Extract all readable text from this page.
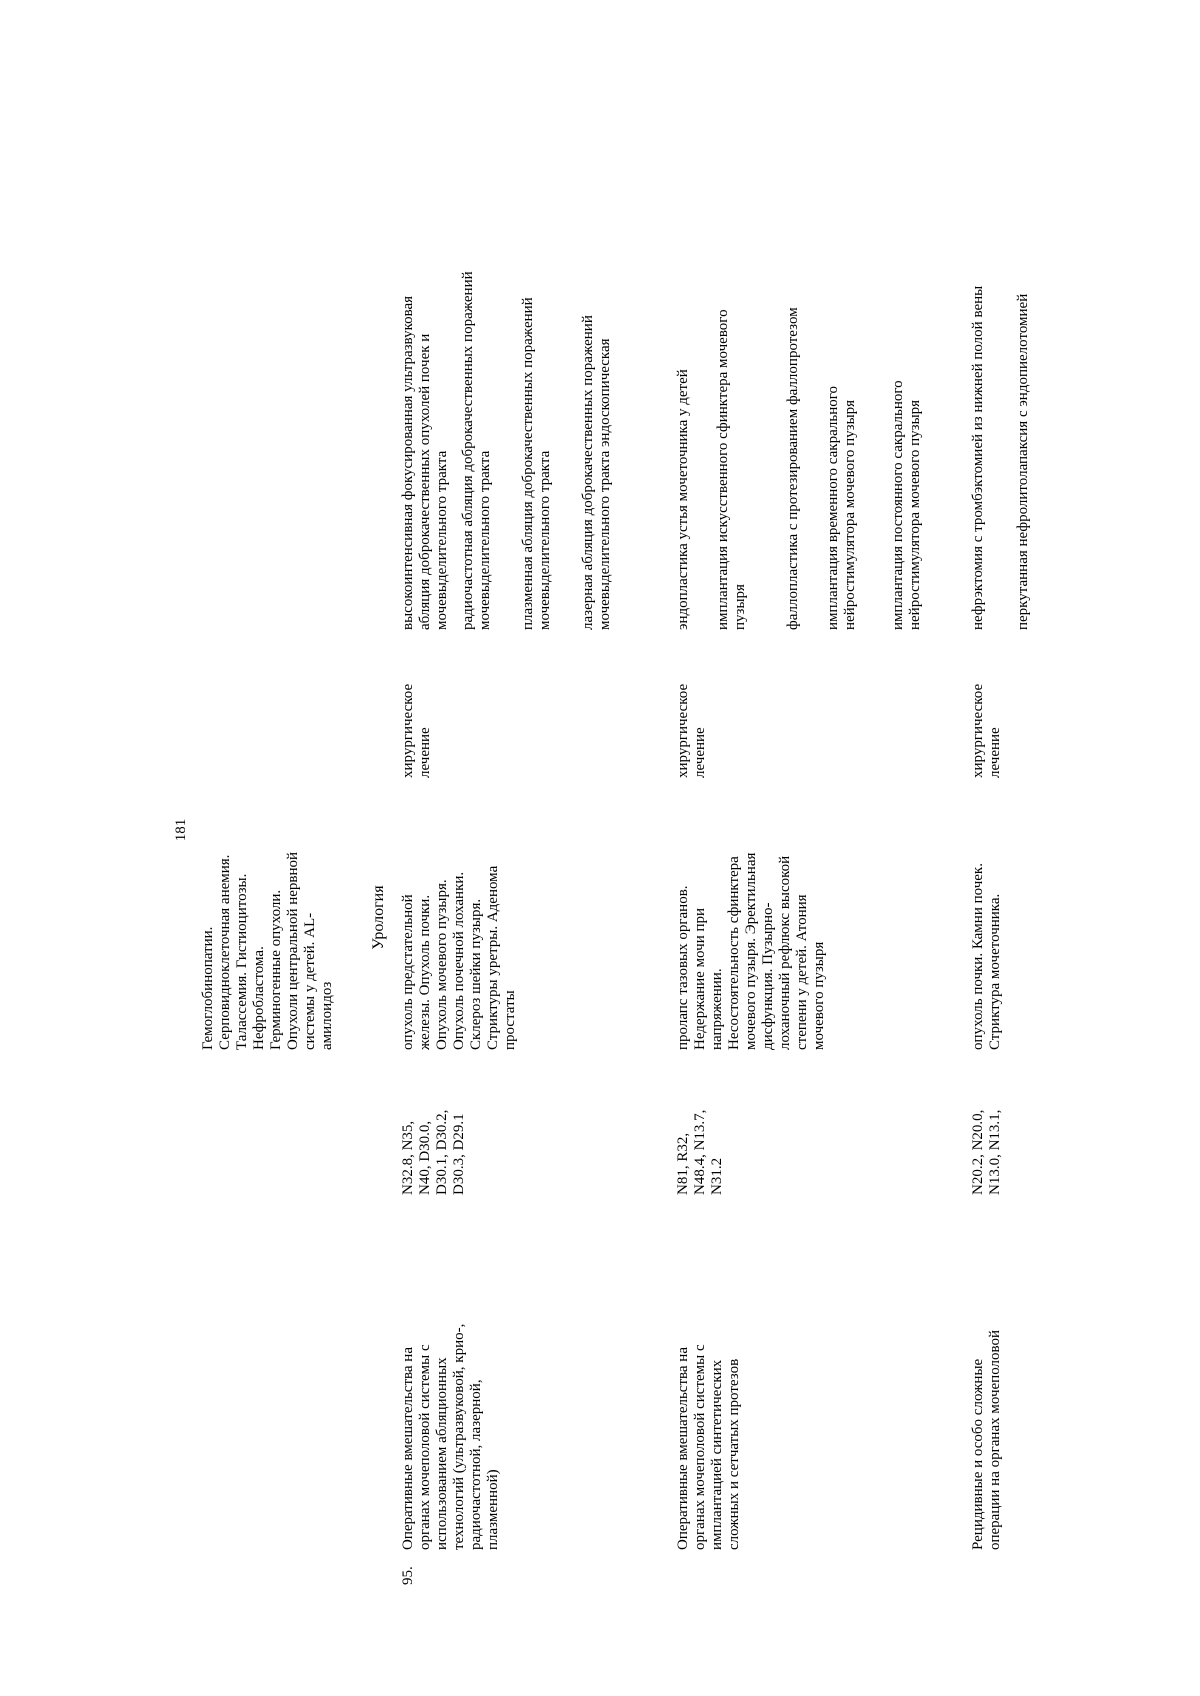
181
Гемоглобинопатии.
Серповидноклеточная анемия.
Талассемия. Гистиоцитозы.
Нефробластома.
Герминогенные опухоли.
Опухоли центральной нервной
системы у детей. AL-
амилоидоз
Урология
95.
Оперативные вмешательства на
органах мочеполовой системы с
использованием абляционных
технологий (ультразвуковой, крио-,
радиочастотной, лазерной,
плазменной)
N32.8, N35,
N40, D30.0,
D30.1, D30.2,
D30.3, D29.1
опухоль предстательной
железы. Опухоль почки.
Опухоль мочевого пузыря.
Опухоль почечной лоханки.
Склероз шейки пузыря.
Стриктуры уретры. Аденома
простаты
хирургическое
лечение
высокоинтенсивная фокусированная ультразвуковая
абляция доброкачественных опухолей почек и
мочевыделительного тракта
радиочастотная абляция доброкачественных поражений
мочевыделительного тракта
плазменная абляция доброкачественных поражений
мочевыделительного тракта
лазерная абляция доброкачественных поражений
мочевыделительного тракта эндоскопическая
Оперативные вмешательства на
органах мочеполовой системы с
имплантацией синтетических
сложных и сетчатых протезов
N81, R32,
N48.4, N13.7,
N31.2
пролапс тазовых органов.
Недержание мочи при
напряжении.
Несостоятельность сфинктера
мочевого пузыря. Эректильная
дисфункция. Пузырно-
лоханочный рефлюкс высокой
степени у детей. Атония
мочевого пузыря
хирургическое
лечение
эндопластика устья мочеточника у детей имплантация искусственного сфинктера мочевого
пузыря фаллопластика с протезированием фаллопротезом имплантация временного сакрального
нейростимулятора мочевого пузыря
имплантация постоянного сакрального
нейростимулятора мочевого пузыря
Рецидивные и особо сложные
операции на органах мочеполовой
N20.2, N20.0,
N13.0, N13.1,
опухоль почки. Камни почек.
Стриктура мочеточника.
хирургическое
лечение
нефрэктомия с тромбэктомией из нижней полой вены перкутанная нефролитолапаксия с эндопиелотомией
